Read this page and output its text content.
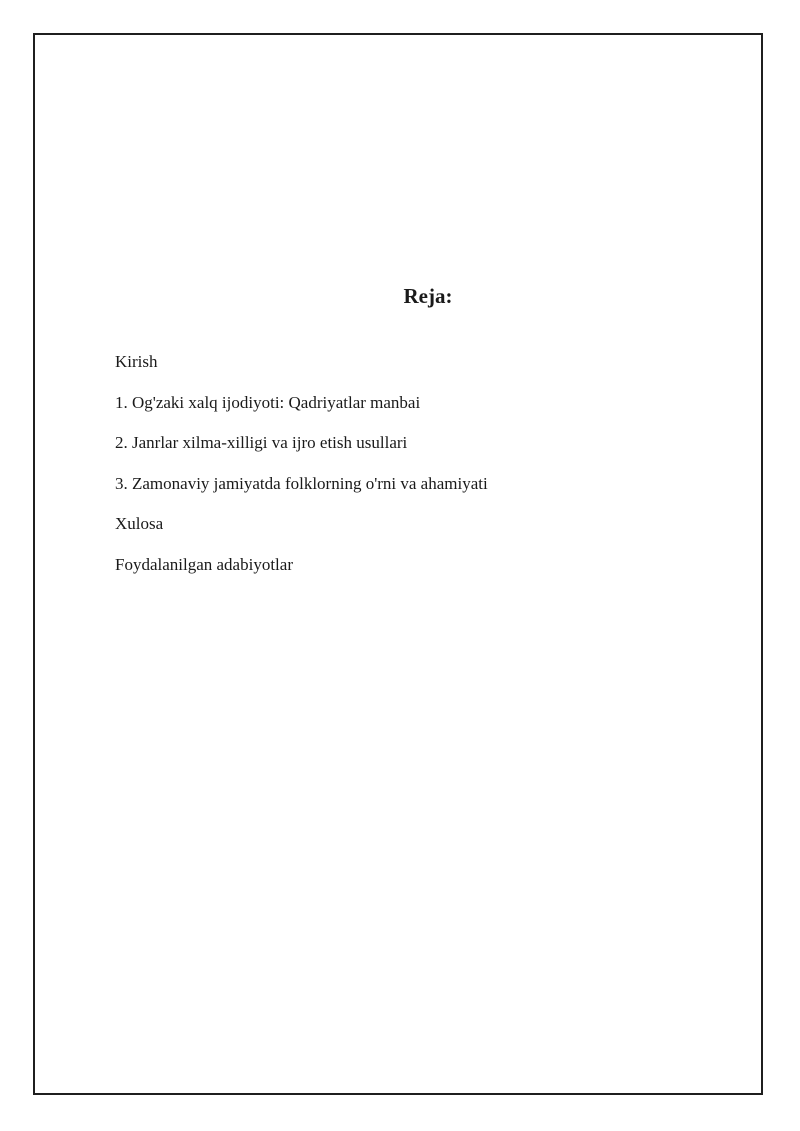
Reja:
Kirish
1. Og'zaki xalq ijodiyoti: Qadriyatlar manbai
2. Janrlar xilma-xilligi va ijro etish usullari
3. Zamonaviy jamiyatda folklorning o'rni va ahamiyati
Xulosa
Foydalanilgan adabiyotlar
